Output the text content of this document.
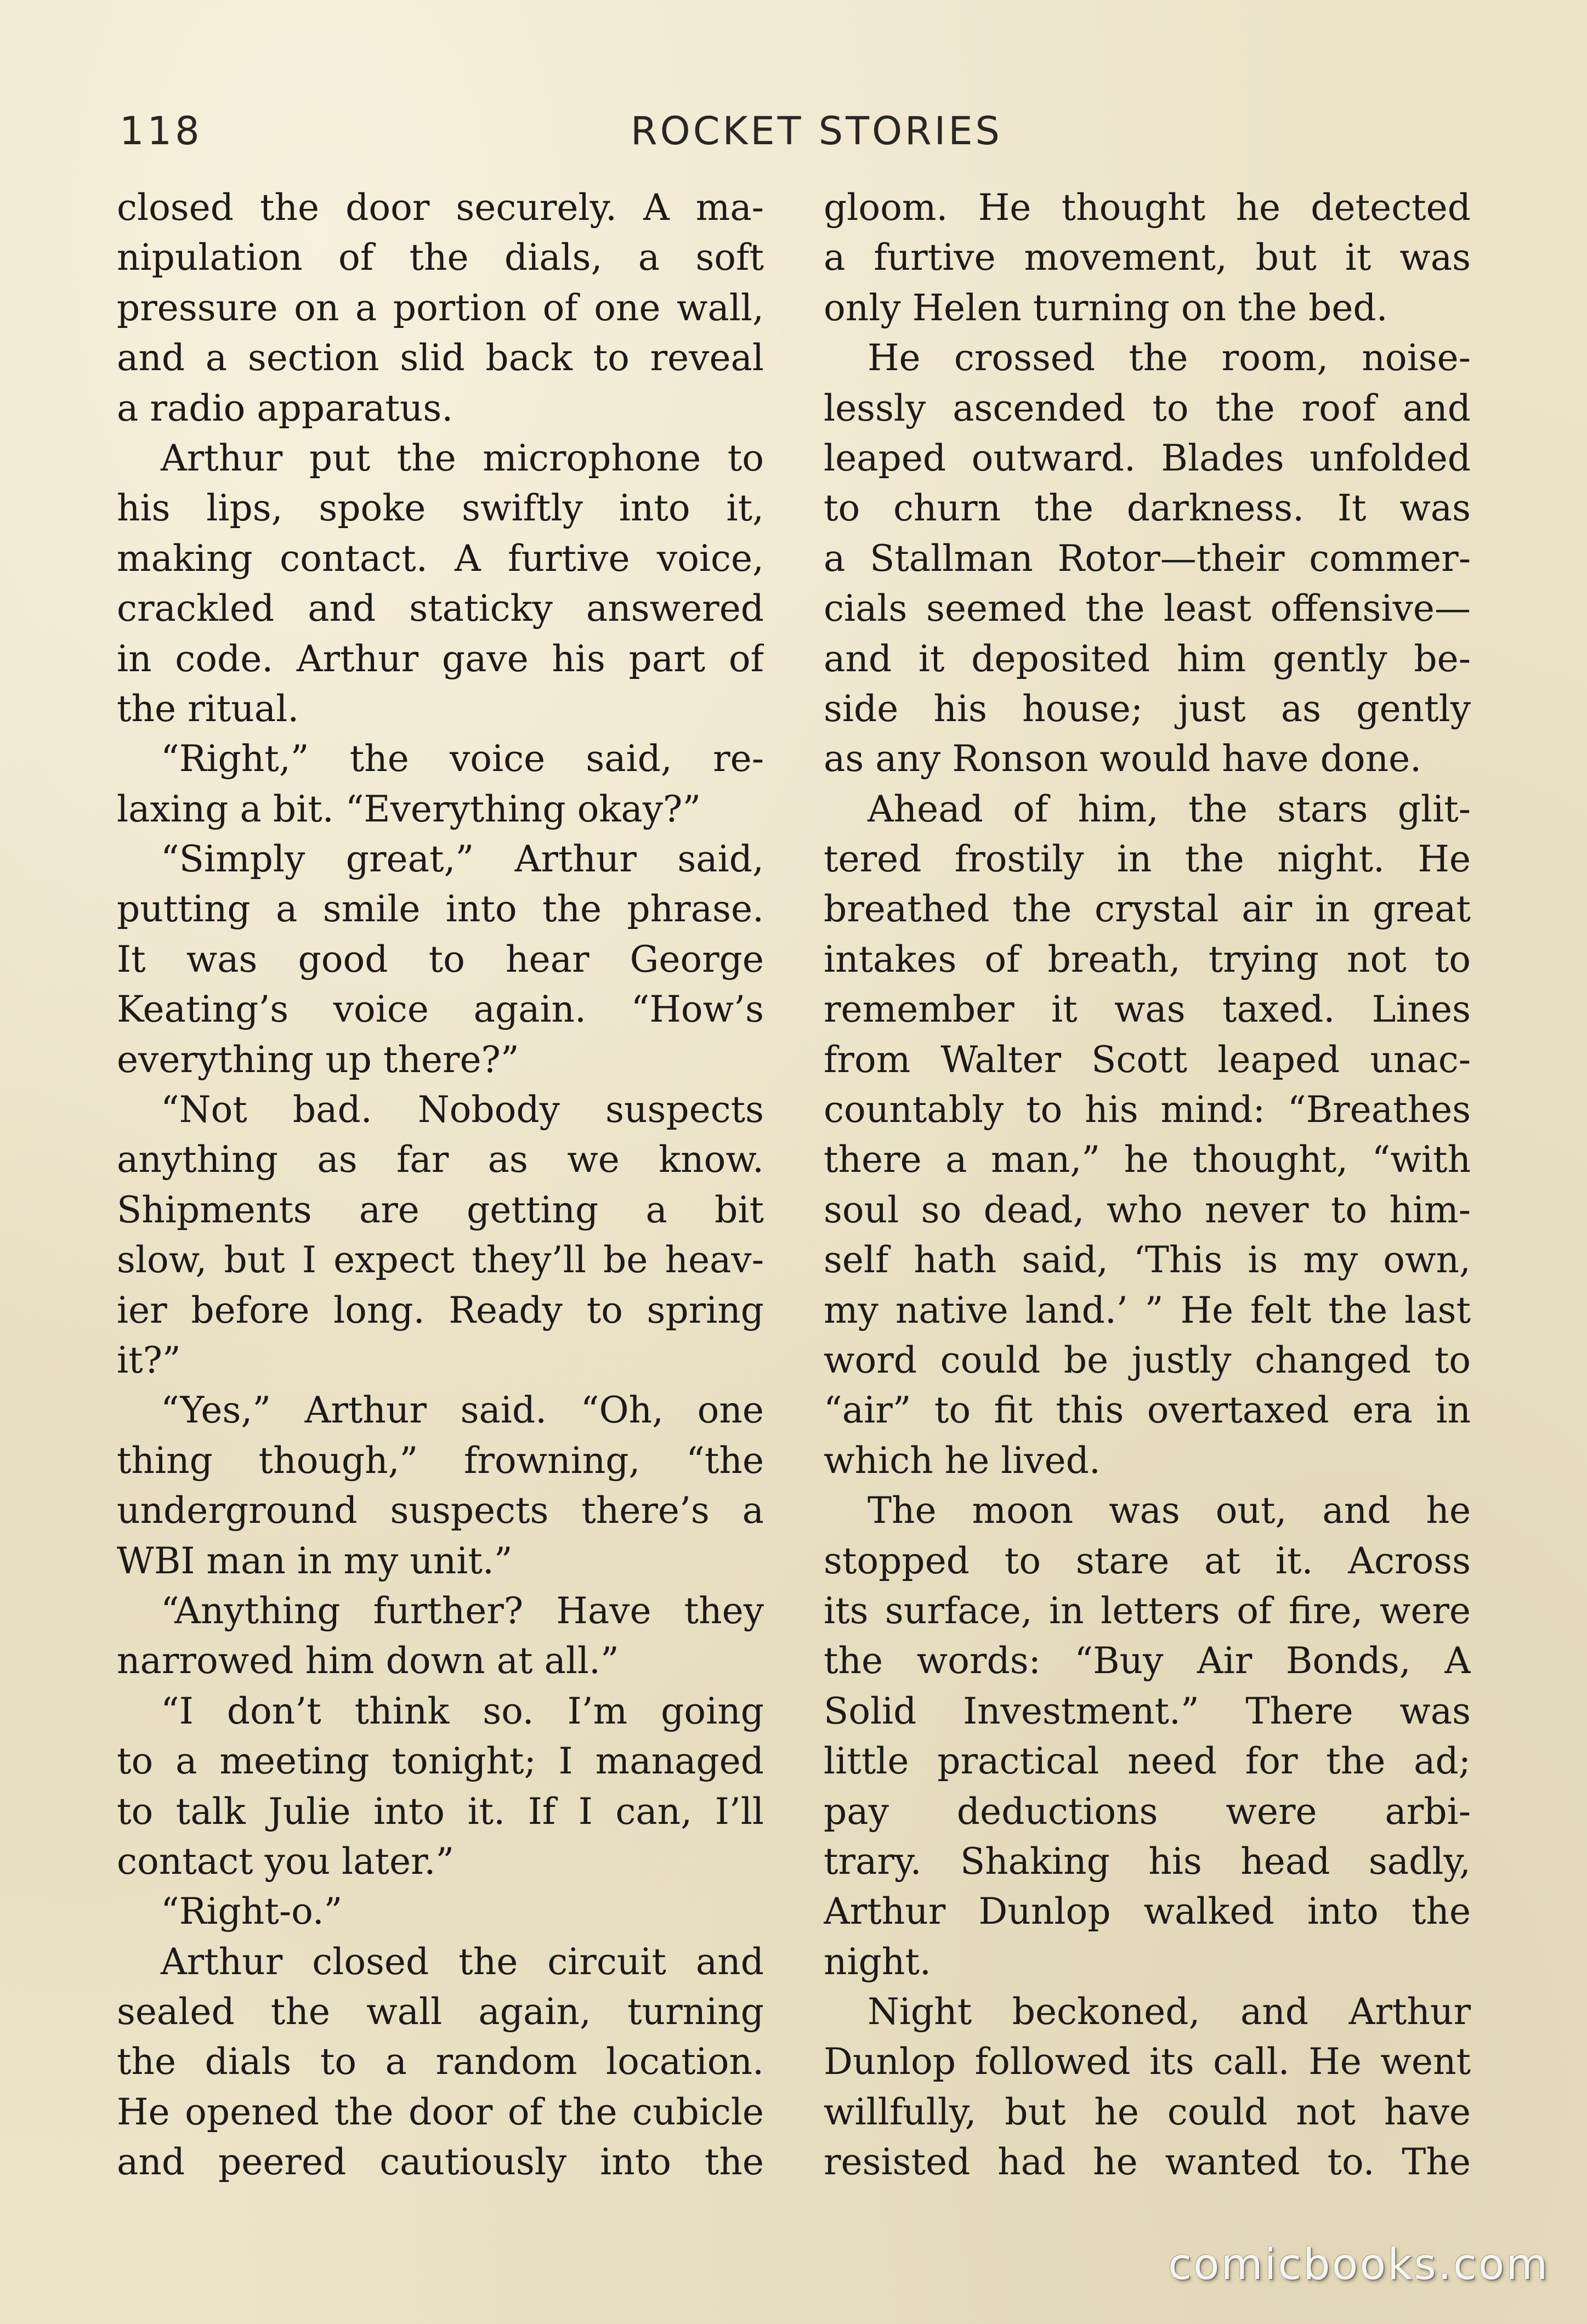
118	ROCKET STORIES
closed the door securely. A ma-
nipulation of the dials, a soft
pressure on a portion of one wall,
and a section slid back to reveal
a radio apparatus.
Arthur put the microphone to
his lips, spoke swiftly into it,
making contact. A furtive voice,
crackled and staticky answered
in code. Arthur gave his part of
the ritual.
“Right,” the voice said, re-
laxing a bit. “Everything okay?”
“Simply great,” Arthur said,
putting a smile into the phrase.
It was good to hear George
Keating’s voice again. “How’s
everything up there?”
“Not bad. Nobody suspects
anything as far as we know.
Shipments are getting a bit
slow, but I expect they’ll be heav-
ier before long. Ready to spring
it?”
“Yes,” Arthur said. “Oh, one
thing though,” frowning, “the
underground suspects there’s a
WBI man in my unit.”
“Anything further? Have they
narrowed him down at all.”
“I don’t think so. I’m going
to a meeting tonight; I managed
to talk Julie into it. If I can, I’ll
contact you later.”
“Right-o.”
Arthur closed the circuit and
sealed the wall again, turning
the dials to a random location.
He opened the door of the cubicle
and peered cautiously into the
gloom. He thought he detected
a furtive movement, but it was
only Helen turning on the bed.
He crossed the room, noise-
lessly ascended to the roof and
leaped outward. Blades unfolded
to churn the darkness. It was
a Stallman Rotor—their commer-
cials seemed the least offensive—
and it deposited him gently be-
side his house; just as gently
as any Ronson would have done.
Ahead of him, the stars glit-
tered frostily in the night. He
breathed the crystal air in great
intakes of breath, trying not to
remember it was taxed. Lines
from Walter Scott leaped unac-
countably to his mind: “Breathes
there a man,” he thought, “with
soul so dead, who never to him-
self hath said, ‘This is my own,
my native land.’ ” He felt the last
word could be justly changed to
“air” to fit this overtaxed era in
which he lived.
The moon was out, and he
stopped to stare at it. Across
its surface, in letters of fire, were
the words: “Buy Air Bonds, A
Solid Investment.” There was
little practical need for the ad;
pay deductions were arbi-
trary. Shaking his head sadly,
Arthur Dunlop walked into the
night.
Night beckoned, and Arthur
Dunlop followed its call. He went
willfully, but he could not have
resisted had he wanted to. The
comicbooks.com
